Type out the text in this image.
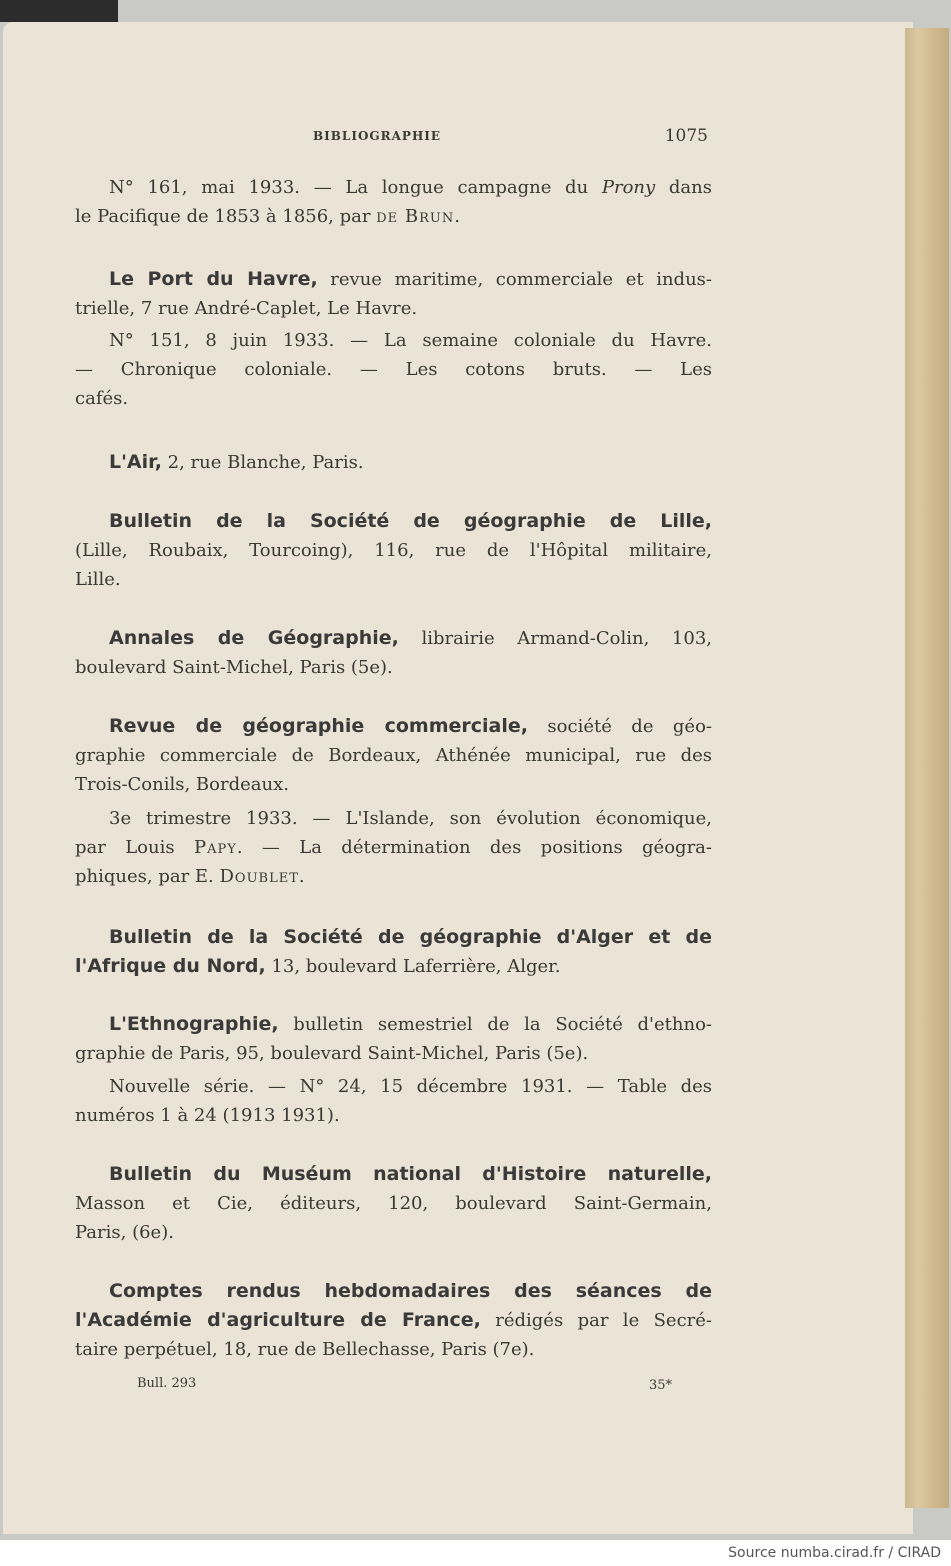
BIBLIOGRAPHIE	1075

N° 161, mai 1933. — La longue campagne du Prony dans

le Pacifique de 1853 à 1856, par de Brun.

Le Port du Havre, revue maritime, commerciale et indus-

trielle, 7 rue André-Caplet, Le Havre.

N° 151, 8 juin 1933. — La semaine coloniale du Havre.

— Chronique coloniale. — Les cotons bruts. — Les

cafés.

L'Air, 2, rue Blanche, Paris.

Bulletin de la Société de géographie de Lille,

(Lille, Roubaix, Tourcoing), 116, rue de l'Hôpital militaire,

Lille.

Annales de Géographie, librairie Armand-Colin, 103,

boulevard Saint-Michel, Paris (5e).

Revue de géographie commerciale, société de géo-

graphie commerciale de Bordeaux, Athénée municipal, rue des

Trois-Conils, Bordeaux.

3e trimestre 1933. — L'Islande, son évolution économique,

par Louis Papy. — La détermination des positions géogra-

phiques, par E. Doublet.

Bulletin de la Société de géographie d'Alger et de

l'Afrique du Nord, 13, boulevard Laferrière, Alger.

L'Ethnographie, bulletin semestriel de la Société d'ethno-

graphie de Paris, 95, boulevard Saint-Michel, Paris (5e).

Nouvelle série. — N° 24, 15 décembre 1931. — Table des

numéros 1 à 24 (1913 1931).

Bulletin du Muséum national d'Histoire naturelle,

Masson et Cie, éditeurs, 120, boulevard Saint-Germain,

Paris, (6e).

Comptes rendus hebdomadaires des séances de

l'Académie d'agriculture de France, rédigés par le Secré-

taire perpétuel, 18, rue de Bellechasse, Paris (7e).

Bull. 293	35*
Source numba.cirad.fr / CIRAD
